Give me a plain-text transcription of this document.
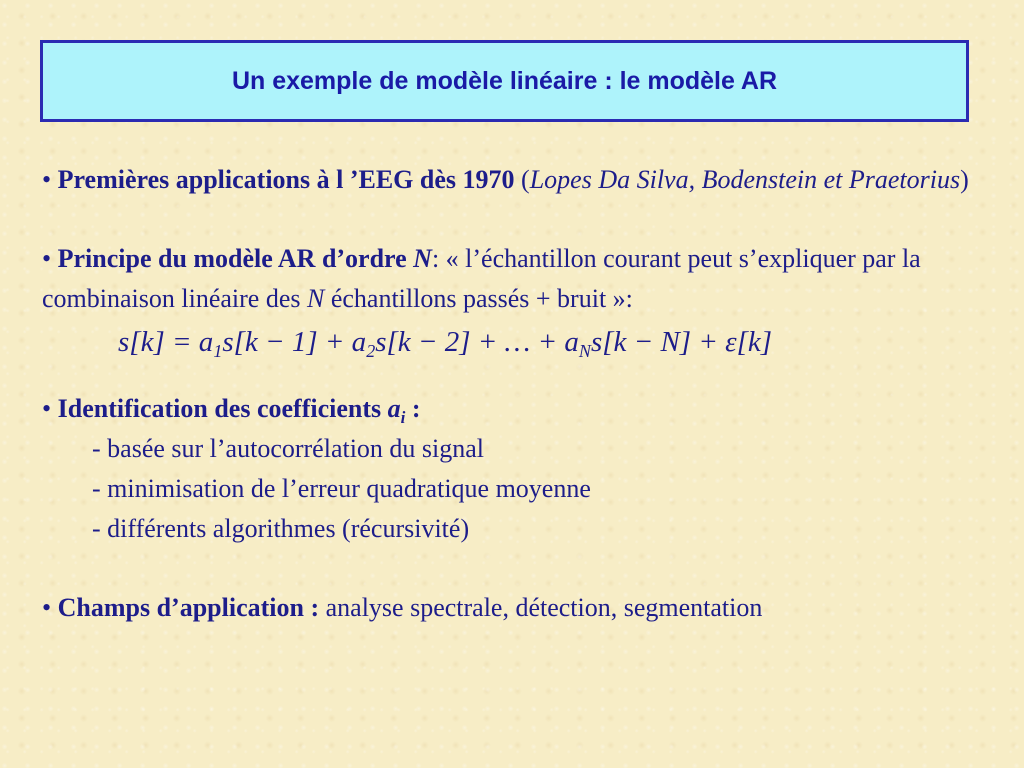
Un exemple de modèle linéaire : le modèle AR

• Premières applications à l ’EEG dès 1970 (Lopes Da Silva, Bodenstein et Praetorius)

• Principe du modèle AR d’ordre N: « l’échantillon courant peut s’expliquer par la combinaison linéaire des N échantillons passés + bruit »:

$s[k] = a_1s[k - 1] + a_2s[k - 2]$ + … + $a_Ns[k - N] + \varepsilon[k]$

• Identification des coefficients $a_i$ :

- basée sur l’autocorrélation du signal

- minimisation de l’erreur quadratique moyenne

- différents algorithmes (récursivité)

• Champs d’application : analyse spectrale, détection, segmentation
